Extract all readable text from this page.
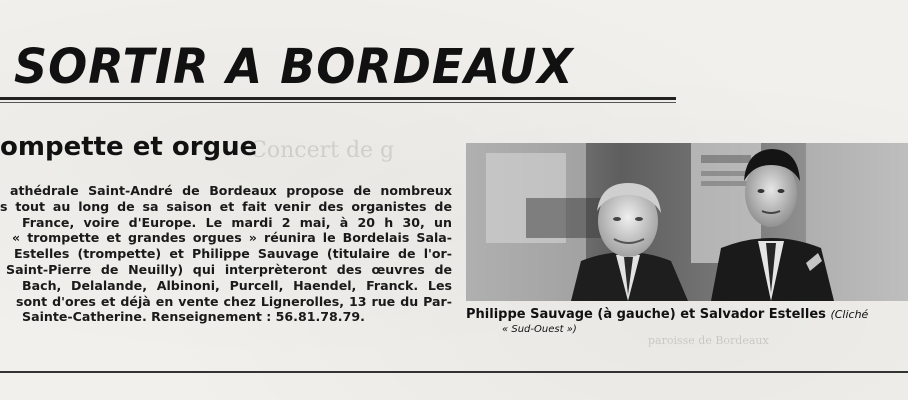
SORTIR A BORDEAUX
Concert de g
ompette et orgue
athédrale Saint-André de Bordeaux propose de nombreux
s tout au long de sa saison et fait venir des organistes de
France, voire d'Europe. Le mardi 2 mai, à 20 h 30, un
« trompette et grandes orgues » réunira le Bordelais Sala-
Estelles (trompette) et Philippe Sauvage (titulaire de l'or-
Saint-Pierre de Neuilly) qui interprèteront des œuvres de
Bach, Delalande, Albinoni, Purcell, Haendel, Franck. Les
sont d'ores et déjà en vente chez Lignerolles, 13 rue du Par-
Sainte-Catherine. Renseignement : 56.81.78.79.	Philippe Sauvage (à gauche) et Salvador Estelles (Cliché
« Sud-Ouest »)
paroisse de Bordeaux
